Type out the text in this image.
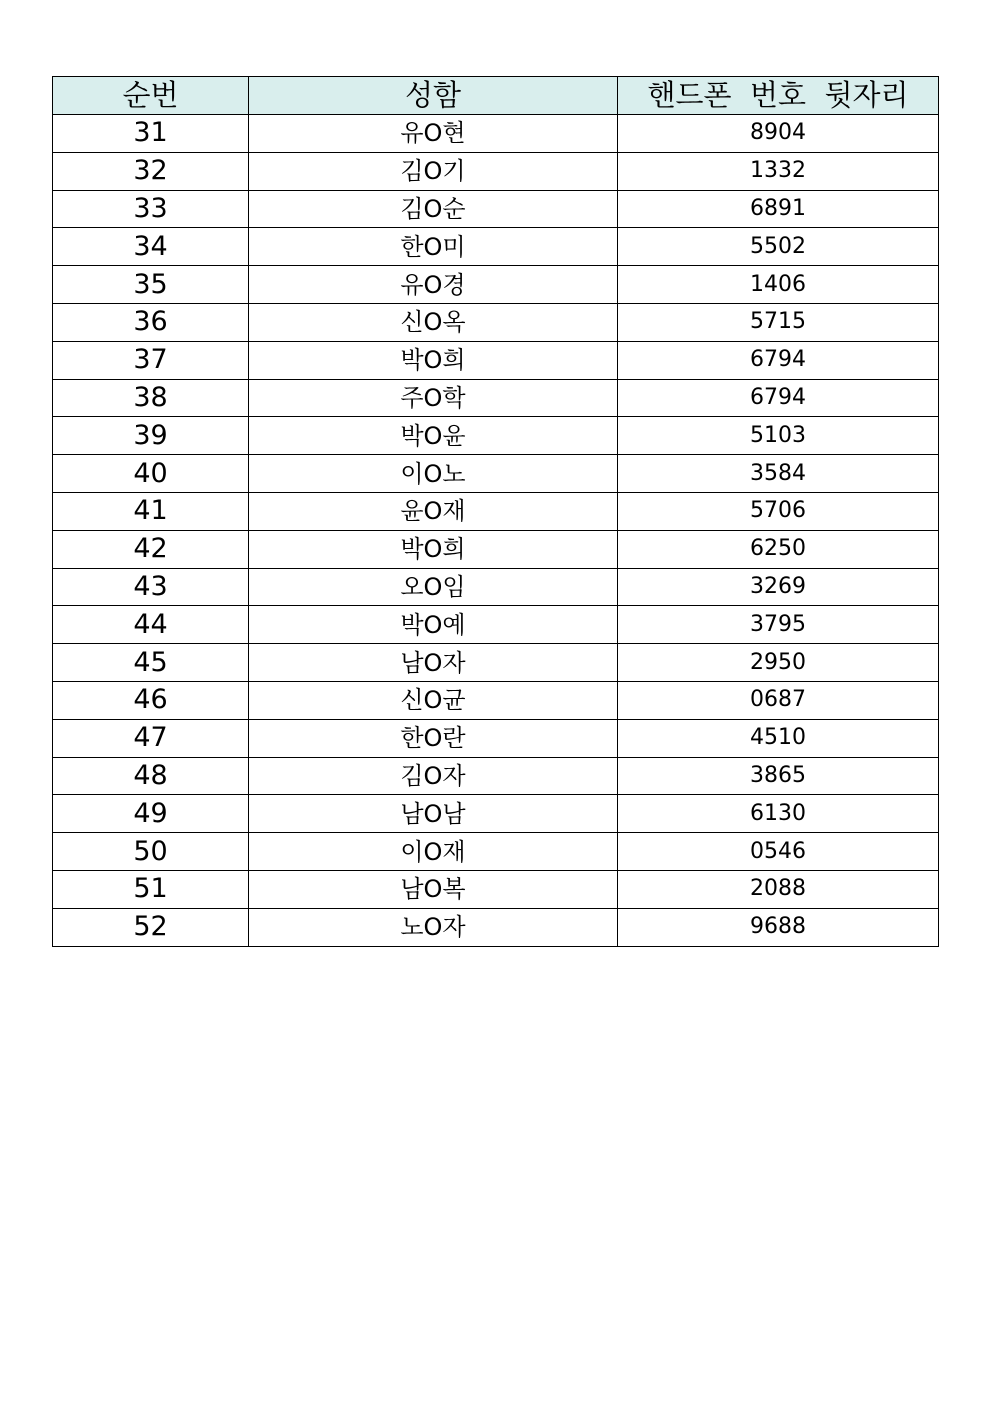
순번	성함	핸드폰  번호  뒷자리
31	유O현	8904
32	김O기	1332
33	김O순	6891
34	한O미	5502
35	유O경	1406
36	신O옥	5715
37	박O희	6794
38	주O학	6794
39	박O윤	5103
40	이O노	3584
41	윤O재	5706
42	박O희	6250
43	오O임	3269
44	박O예	3795
45	남O자	2950
46	신O균	0687
47	한O란	4510
48	김O자	3865
49	남O남	6130
50	이O재	0546
51	남O복	2088
52	노O자	9688
